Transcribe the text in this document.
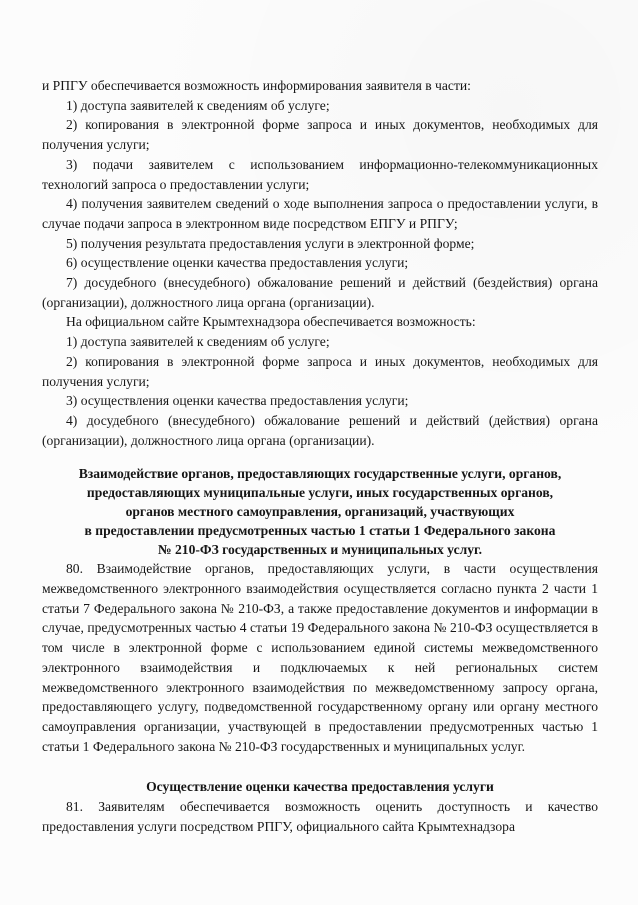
и РПГУ обеспечивается возможность информирования заявителя в части:

1) доступа заявителей к сведениям об услуге;

2) копирования в электронной форме запроса и иных документов, необходимых для получения услуги;

3) подачи заявителем с использованием информационно-телекоммуникационных технологий запроса о предоставлении услуги;

4) получения заявителем сведений о ходе выполнения запроса о предоставлении услуги, в случае подачи запроса в электронном виде посредством ЕПГУ и РПГУ;

5) получения результата предоставления услуги в электронной форме;

6) осуществление оценки качества предоставления услуги;

7) досудебного (внесудебного) обжалование решений и действий (бездействия) органа (организации), должностного лица органа (организации).

На официальном сайте Крымтехнадзора обеспечивается возможность:

1) доступа заявителей к сведениям об услуге;

2) копирования в электронной форме запроса и иных документов, необходимых для получения услуги;

3) осуществления оценки качества предоставления услуги;

4) досудебного (внесудебного) обжалование решений и действий (действия) органа (организации), должностного лица органа (организации).

Взаимодействие органов, предоставляющих государственные услуги, органов,
предоставляющих муниципальные услуги, иных государственных органов,
органов местного самоуправления, организаций, участвующих
в предоставлении предусмотренных частью 1 статьи 1 Федерального закона
№ 210-ФЗ государственных и муниципальных услуг.

80. Взаимодействие органов, предоставляющих услуги, в части осуществления межведомственного электронного взаимодействия осуществляется согласно пункта 2 части 1 статьи 7 Федерального закона № 210-ФЗ, а также предоставление документов и информации в случае, предусмотренных частью 4 статьи 19 Федерального закона № 210-ФЗ осуществляется в том числе в электронной форме с использованием единой системы межведомственного электронного взаимодействия и подключаемых к ней региональных систем межведомственного электронного взаимодействия по межведомственному запросу органа, предоставляющего услугу, подведомственной государственному органу или органу местного самоуправления организации, участвующей в предоставлении предусмотренных частью 1 статьи 1 Федерального закона № 210-ФЗ государственных и муниципальных услуг.

Осуществление оценки качества предоставления услуги

81. Заявителям обеспечивается возможность оценить доступность и качество предоставления услуги посредством РПГУ, официального сайта Крымтехнадзора
